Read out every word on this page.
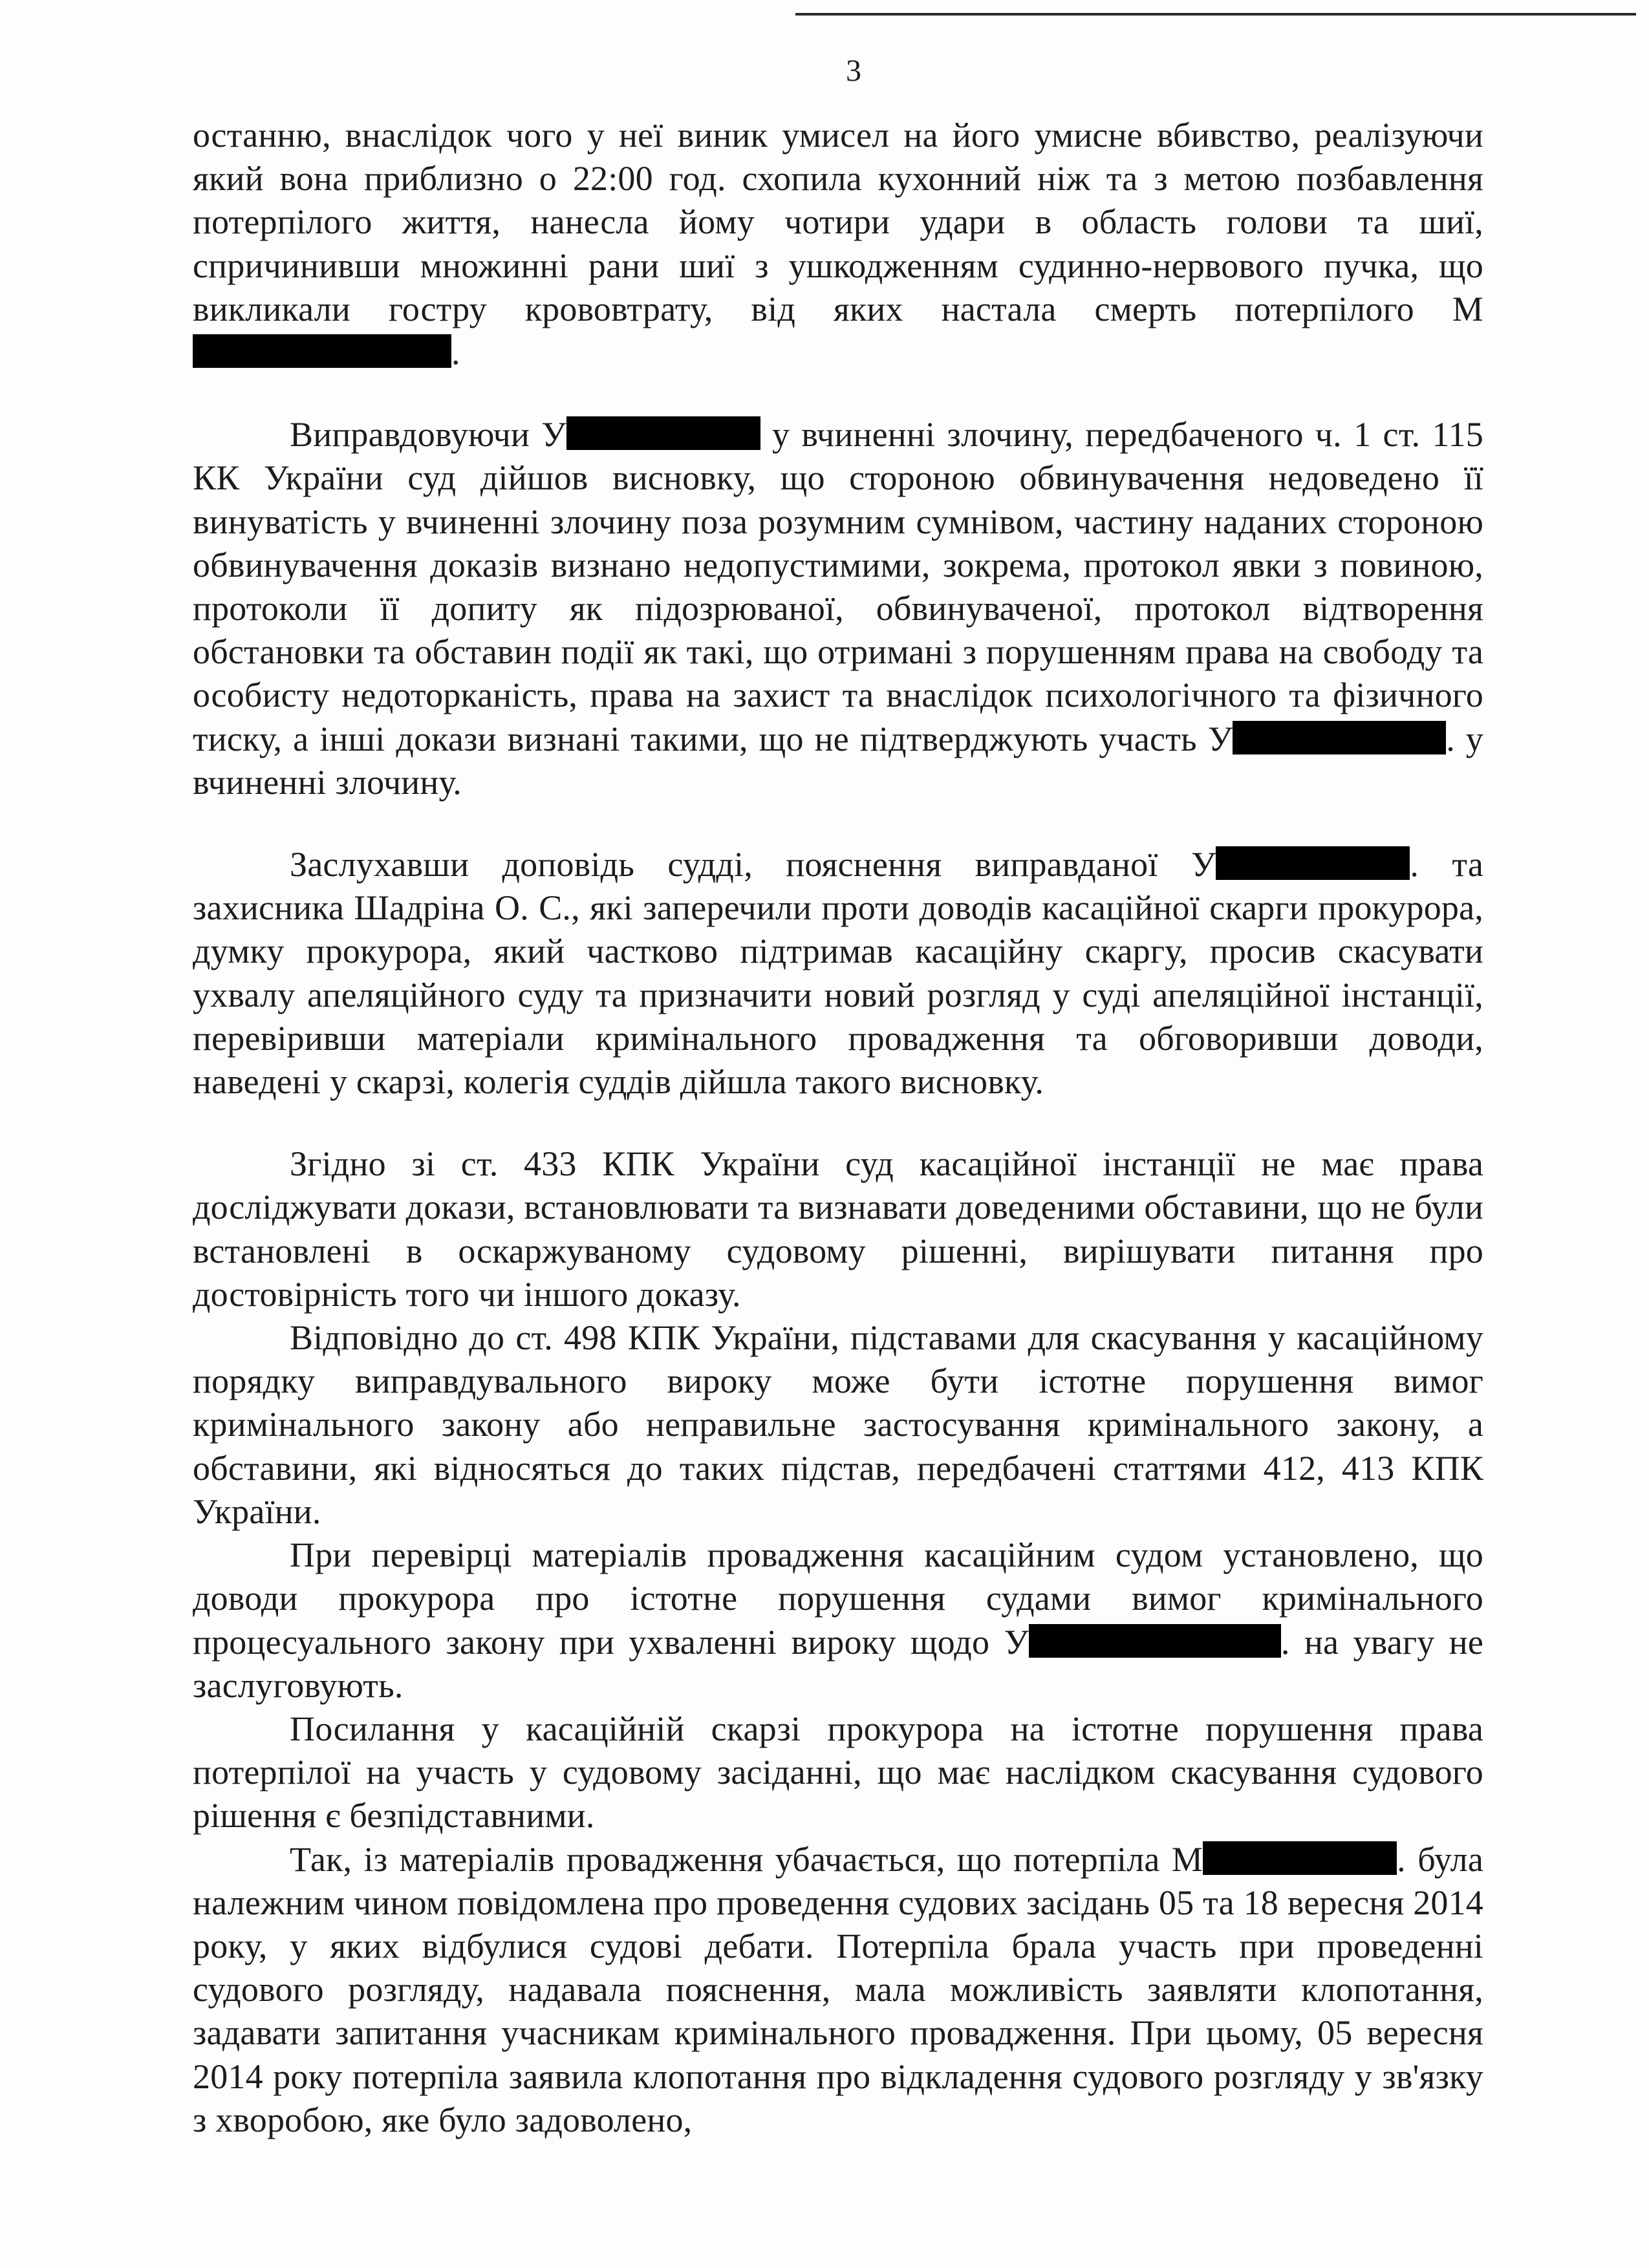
3

останню, внаслідок чого у неї виник умисел на його умисне вбивство, реалізуючи який вона приблизно о 22:00 год. схопила кухонний ніж та з метою позбавлення потерпілого життя, нанесла йому чотири удари в область голови та шиї, спричинивши множинні рани шиї з ушкодженням судинно-нервового пучка, що викликали гостру крововтрату, від яких настала смерть потерпілого М.

Виправдовуючи У	у вчиненні злочину, передбаченого ч. 1 ст. 115 КК України суд дійшов висновку, що стороною обвинувачення недоведено її винуватість у вчиненні злочину поза розумним сумнівом, частину наданих стороною обвинувачення доказів визнано недопустимими, зокрема, протокол явки з повиною, протоколи її допиту як підозрюваної, обвинуваченої, протокол відтворення обстановки та обставин події як такі, що отримані з порушенням права на свободу та особисту недоторканість, права на захист та внаслідок психологічного та фізичного тиску, а інші докази визнані такими, що не підтверджують участь У	. у вчиненні злочину.

Заслухавши доповідь судді, пояснення виправданої У	. та захисника Шадріна О. С., які заперечили проти доводів касаційної скарги прокурора, думку прокурора, який частково підтримав касаційну скаргу, просив скасувати ухвалу апеляційного суду та призначити новий розгляд у суді апеляційної інстанції, перевіривши матеріали кримінального провадження та обговоривши доводи, наведені у скарзі, колегія суддів дійшла такого висновку.

Згідно зі ст. 433 КПК України суд касаційної інстанції не має права досліджувати докази, встановлювати та визнавати доведеними обставини, що не були встановлені в оскаржуваному судовому рішенні, вирішувати питання про достовірність того чи іншого доказу.

Відповідно до ст. 498 КПК України, підставами для скасування у касаційному порядку виправдувального вироку може бути істотне порушення вимог кримінального закону або неправильне застосування кримінального закону, а обставини, які відносяться до таких підстав, передбачені статтями 412, 413 КПК України.

При перевірці матеріалів провадження касаційним судом установлено, що доводи прокурора про істотне порушення судами вимог кримінального процесуального закону при ухваленні вироку щодо У	. на увагу не заслуговують.

Посилання у касаційній скарзі прокурора на істотне порушення права потерпілої на участь у судовому засіданні, що має наслідком скасування судового рішення є безпідставними.

Так, із матеріалів провадження убачається, що потерпіла М	. була належним чином повідомлена про проведення судових засідань 05 та 18 вересня 2014 року, у яких відбулися судові дебати. Потерпіла брала участь при проведенні судового розгляду, надавала пояснення, мала можливість заявляти клопотання, задавати запитання учасникам кримінального провадження. При цьому, 05 вересня 2014 року потерпіла заявила клопотання про відкладення судового розгляду у зв'язку з хворобою, яке було задоволено,
